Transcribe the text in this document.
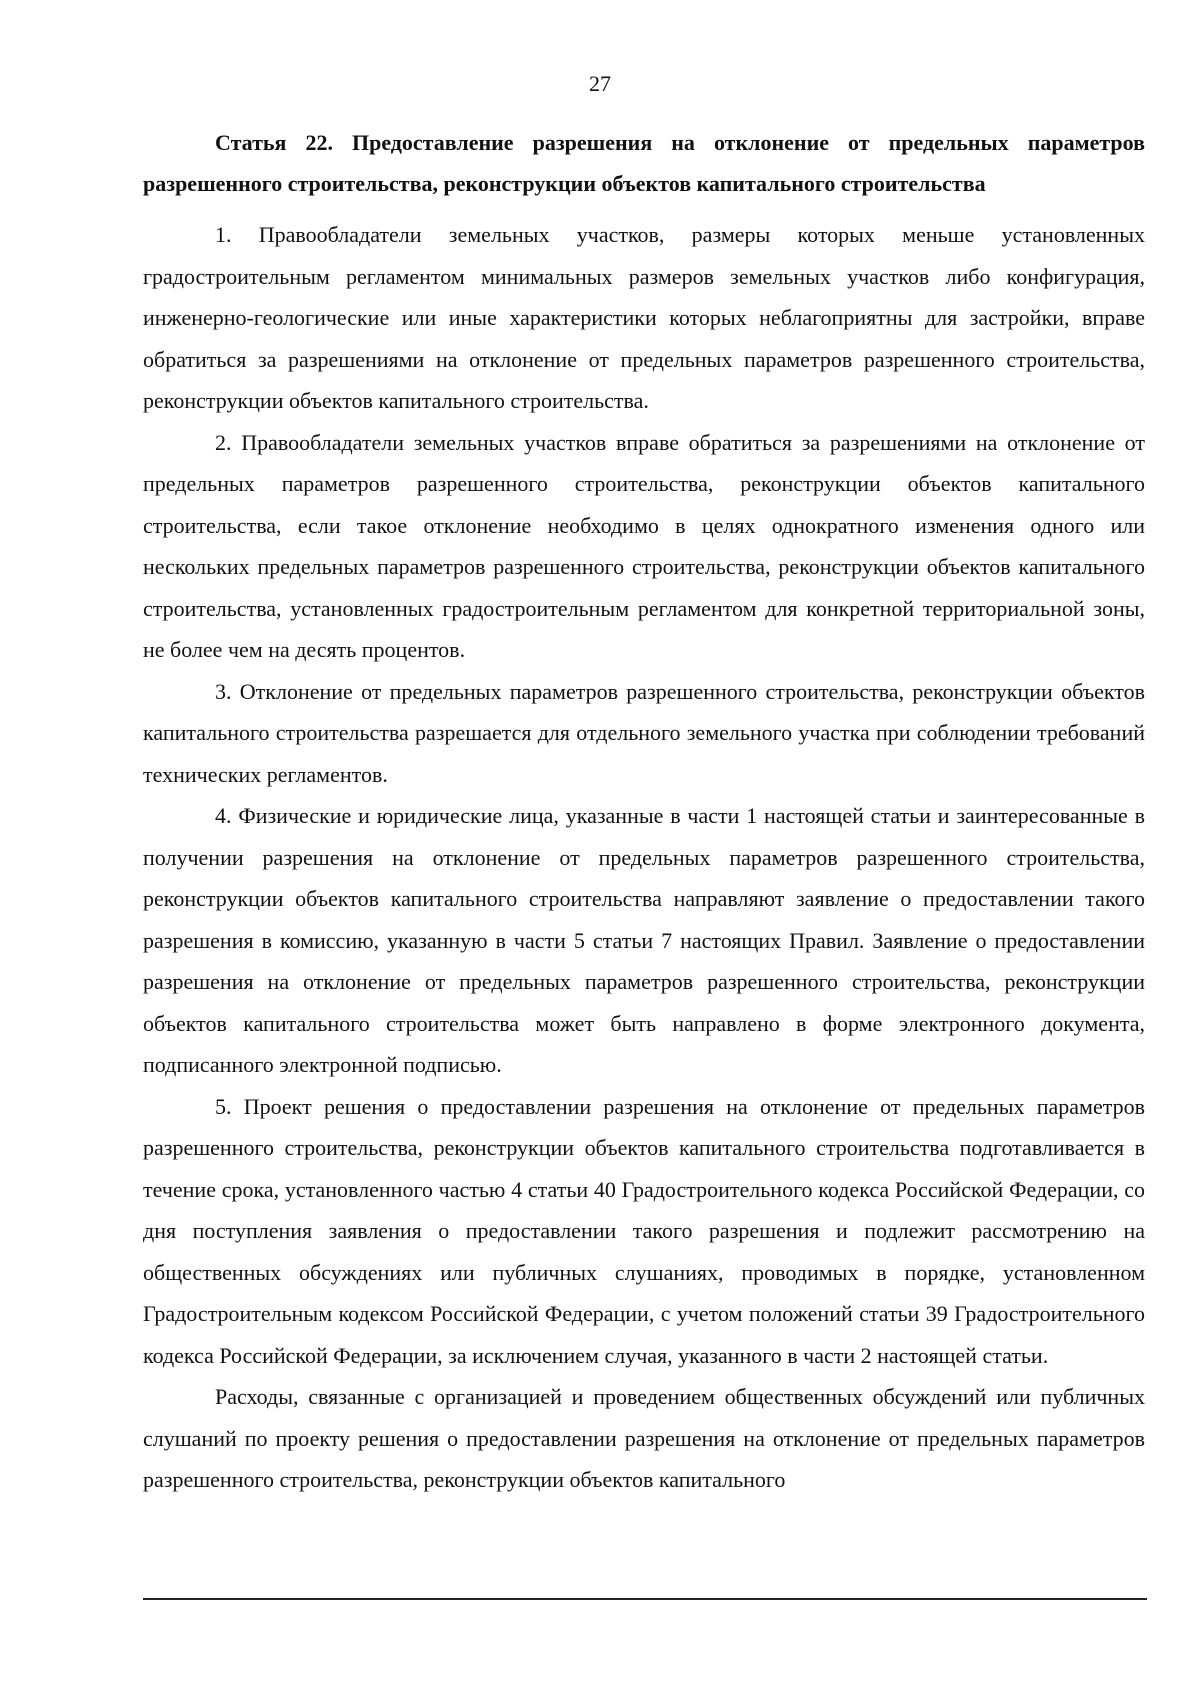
27
Статья 22. Предоставление разрешения на отклонение от предельных параметров разрешенного строительства, реконструкции объектов капитального строительства

1. Правообладатели земельных участков, размеры которых меньше установленных градостроительным регламентом минимальных размеров земельных участков либо конфигурация, инженерно-геологические или иные характеристики которых неблагоприятны для застройки, вправе обратиться за разрешениями на отклонение от предельных параметров разрешенного строительства, реконструкции объектов капитального строительства.

2. Правообладатели земельных участков вправе обратиться за разрешениями на отклонение от предельных параметров разрешенного строительства, реконструкции объектов капитального строительства, если такое отклонение необходимо в целях однократного изменения одного или нескольких предельных параметров разрешенного строительства, реконструкции объектов капитального строительства, установленных градостроительным регламентом для конкретной территориальной зоны, не более чем на десять процентов.

3. Отклонение от предельных параметров разрешенного строительства, реконструкции объектов капитального строительства разрешается для отдельного земельного участка при соблюдении требований технических регламентов.

4. Физические и юридические лица, указанные в части 1 настоящей статьи и заинтересованные в получении разрешения на отклонение от предельных параметров разрешенного строительства, реконструкции объектов капитального строительства направляют заявление о предоставлении такого разрешения в комиссию, указанную в части 5 статьи 7 настоящих Правил. Заявление о предоставлении разрешения на отклонение от предельных параметров разрешенного строительства, реконструкции объектов капитального строительства может быть направлено в форме электронного документа, подписанного электронной подписью.

5. Проект решения о предоставлении разрешения на отклонение от предельных параметров разрешенного строительства, реконструкции объектов капитального строительства подготавливается в течение срока, установленного частью 4 статьи 40 Градостроительного кодекса Российской Федерации, со дня поступления заявления о предоставлении такого разрешения и подлежит рассмотрению на общественных обсуждениях или публичных слушаниях, проводимых в порядке, установленном Градостроительным кодексом Российской Федерации, с учетом положений статьи 39 Градостроительного кодекса Российской Федерации, за исключением случая, указанного в части 2 настоящей статьи.

Расходы, связанные с организацией и проведением общественных обсуждений или публичных слушаний по проекту решения о предоставлении разрешения на отклонение от предельных параметров разрешенного строительства, реконструкции объектов капитального
